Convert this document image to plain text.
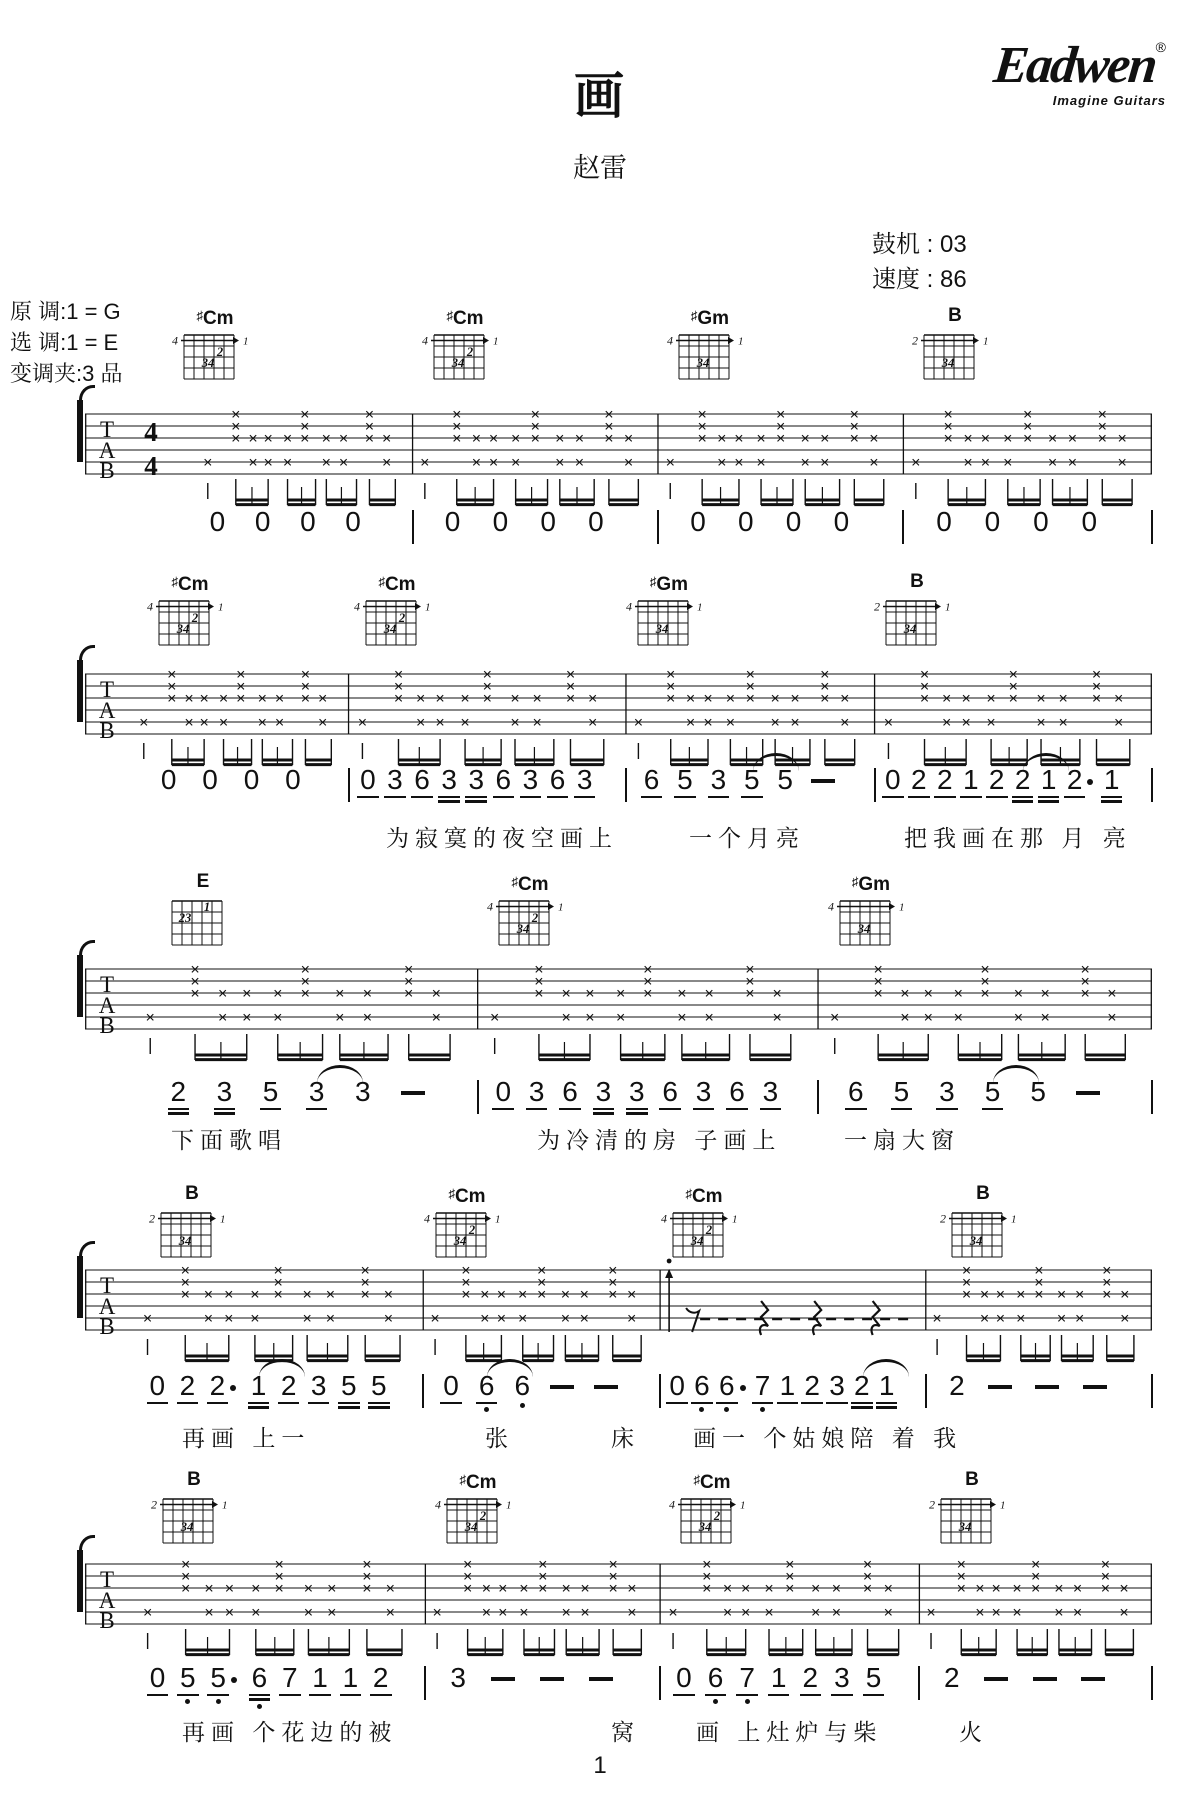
画
赵雷
Eadwen®
Imagine Guitars
鼓机 : 03
速度 : 86
原 调:1 = G
选 调:1 = E
变调夹:3 品
T
A
B
4
4	×
×
×
× ×
×
×
×
×
×
×
×
× ×
×
×
×
×
×
× ×
× ×
×
×
× ×
×
×
×
×
×
×
×
× ×
×
×
×
×
×
× ×
× ×
×
×
× ×
×
×
×
×
×
×
×
× ×
×
×
×
×
×
× ×
× ×
×
×
× ×
×
×
×
×
×
×
×
× ×
×
×
×
×
×
× ×
×
♯Cm
4	1
2
34
♯Cm
4	1
2
34
♯Gm
4	1
34
B
2	1
34
0 0 0 0	0 0 0 0	0 0 0 0	0 0 0 0
T
A
B ×
×
×
× ×
×
×
×
×
×
×
×
× ×
×
×
×
×
×
× ×
× ×
×
×
× ×
×
×
×
×
×
×
×
× ×
×
×
×
×
×
× ×
× ×
×
×
× ×
×
×
×
×
×
×
×
× ×
×
×
×
×
×
× ×
× ×
×
×
× ×
×
×
×
×
×
×
×
× ×
×
×
×
×
×
× ×
×
♯Cm
4	1
2
34
♯Cm
4	1
2
34
♯Gm
4	1
34
B
2	1
34
0 0 0 0 0 3 6 3 3 6 3 6 3 6 5 3 5 5	0 2 2 1 2 2 1 2 1
为寂寞的夜空画上	一个月亮	把我画在那 月 亮
T
A
B ×
×
×
× ×
×
×
×
×
×
×
×
× ×
×
×
×
×
×
× ×
×	×
×
×
× ×
×
×
×
×
×
×
×
× ×
×
×
×
×
×
× ×
×	×
×
×
× ×
×
×
×
×
×
×
×
× ×
×
×
×
×
×
× ×
×
E
1
23
♯Cm
4	1
2
34
♯Gm
4	1
34
2 3 5 3 3	0 3 6 3 3 6 3 6 3 6 5 3 5 5
下面歌唱	为冷清的房 子画上	一扇大窗
T
A
B ×
×
×
× ×
×
×
×
×
×
×
×
× ×
×
×
×
×
×
× ×
× ×
×
×
× ×
×
×
×
×
×
×
×
× ×
×
×
×
×
×
× ×
×	×
×
×
× ×
×
×
×
×
×
×
×
× ×
×
×
×
×
×
× ×
×
B
2	1
34
♯Cm
4	1
2
34
♯Cm
4	1
2
34
B
2	1
34
0 2 2 1 2 3 5 5 0 6 6	0 6 6 7 1 2 3 2 1 2
再画 上一	张	床 画一 个姑娘陪 着 我
T
A
B ×
×
×
× ×
×
×
×
×
×
×
×
× ×
×
×
×
×
×
× ×
× ×
×
×
× ×
×
×
×
×
×
×
×
× ×
×
×
×
×
×
× ×
× ×
×
×
× ×
×
×
×
×
×
×
×
× ×
×
×
×
×
×
× ×
× ×
×
×
× ×
×
×
×
×
×
×
×
× ×
×
×
×
×
×
× ×
×
B
2	1
34
♯Cm
4	1
2
34
♯Cm
4	1
2
34
B
2	1
34
0 5 5 6 7 1 1 2 3	0 6 7 1 2 3 5 2
再画 个花边的被	窝 画 上灶炉与柴	火
1
